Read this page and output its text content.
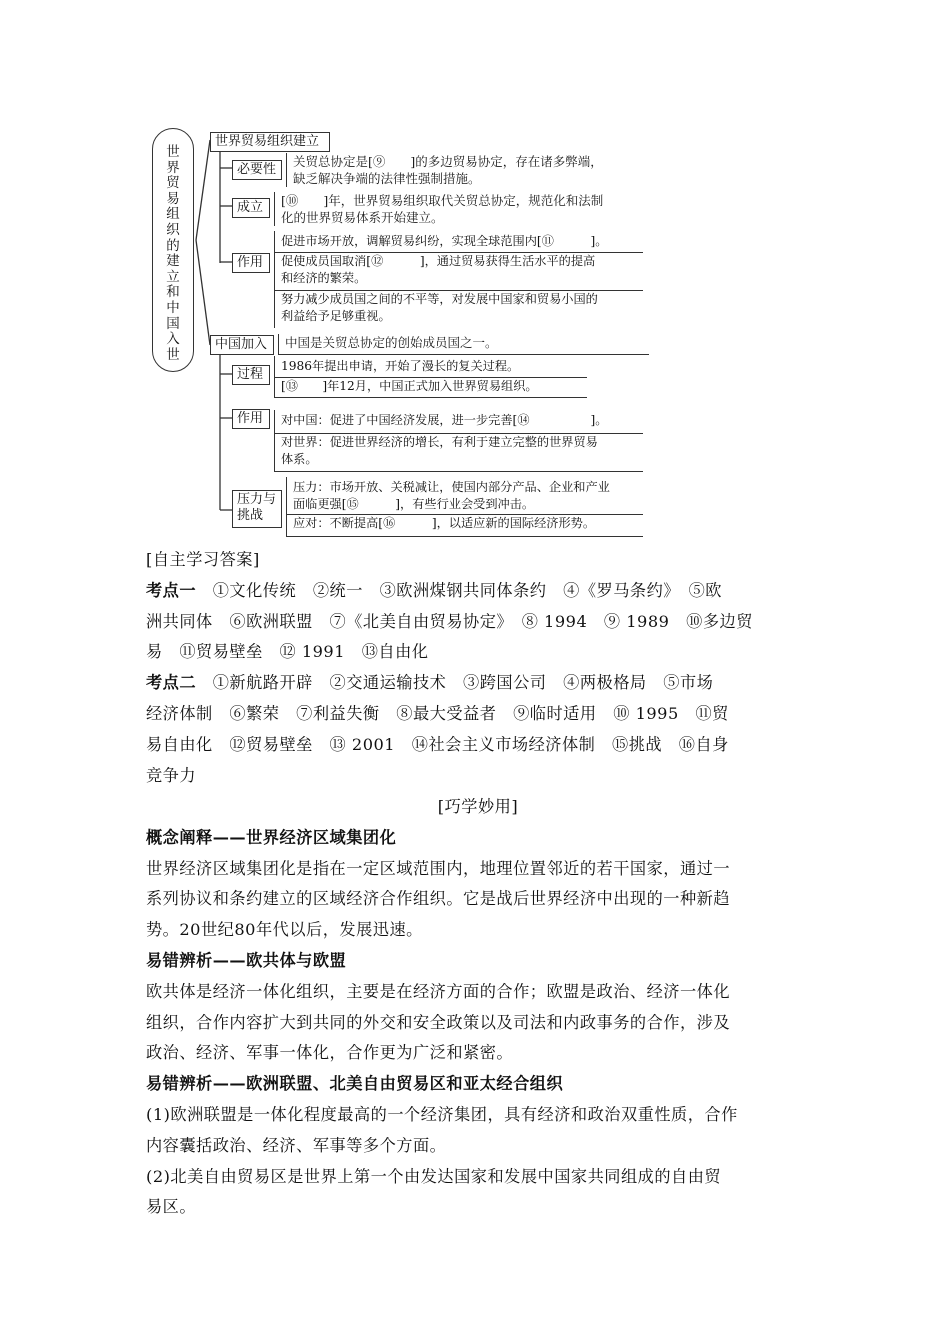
世界贸易组织的建立和中国入世
世界贸易组织建立
必要性
关贸总协定是[⑨　　]的多边贸易协定，存在诸多弊端，
缺乏解决争端的法律性强制措施。
成立	[⑩　　]年，世界贸易组织取代关贸总协定，规范化和法制
化的世界贸易体系开始建立。
作用
促进市场开放，调解贸易纠纷，实现全球范围内[⑪　　　]。
促使成员国取消[⑫　　　]，通过贸易获得生活水平的提高
和经济的繁荣。
努力减少成员国之间的不平等，对发展中国家和贸易小国的
利益给予足够重视。
中国加入	中国是关贸总协定的创始成员国之一。
过程
1986年提出申请，开始了漫长的复关过程。
[⑬　　]年12月，中国正式加入世界贸易组织。
作用	对中国：促进了中国经济发展，进一步完善[⑭　　　　　]。
对世界：促进世界经济的增长，有利于建立完整的世界贸易
体系。
压力与
挑战
压力：市场开放、关税减让，使国内部分产品、企业和产业
面临更强[⑮　　　]，有些行业会受到冲击。
应对：不断提高[⑯　　　]，以适应新的国际经济形势。
[自主学习答案]
考点一　 ①文化传统　②统一　③欧洲煤钢共同体条约　④《罗马条约》　⑤欧
洲共同体　⑥欧洲联盟　⑦《北美自由贸易协定》　⑧ 1994　⑨ 1989　⑩多边贸
易　⑪贸易壁垒　⑫ 1991　⑬自由化
考点二　 ①新航路开辟　②交通运输技术　③跨国公司　④两极格局　⑤市场
经济体制　⑥繁荣　⑦利益失衡　⑧最大受益者　⑨临时适用　⑩ 1995　⑪贸
易自由化　⑫贸易壁垒　⑬ 2001　⑭社会主义市场经济体制　⑮挑战　⑯自身
竞争力
[巧学妙用]
概念阐释——世界经济区域集团化
世界经济区域集团化是指在一定区域范围内，地理位置邻近的若干国家，通过一
系列协议和条约建立的区域经济合作组织。它是战后世界经济中出现的一种新趋
势。20世纪80年代以后，发展迅速。
易错辨析——欧共体与欧盟
欧共体是经济一体化组织，主要是在经济方面的合作；欧盟是政治、经济一体化
组织，合作内容扩大到共同的外交和安全政策以及司法和内政事务的合作，涉及
政治、经济、军事一体化，合作更为广泛和紧密。
易错辨析——欧洲联盟、北美自由贸易区和亚太经合组织
(1)欧洲联盟是一体化程度最高的一个经济集团，具有经济和政治双重性质，合作
内容囊括政治、经济、军事等多个方面。
(2)北美自由贸易区是世界上第一个由发达国家和发展中国家共同组成的自由贸
易区。
